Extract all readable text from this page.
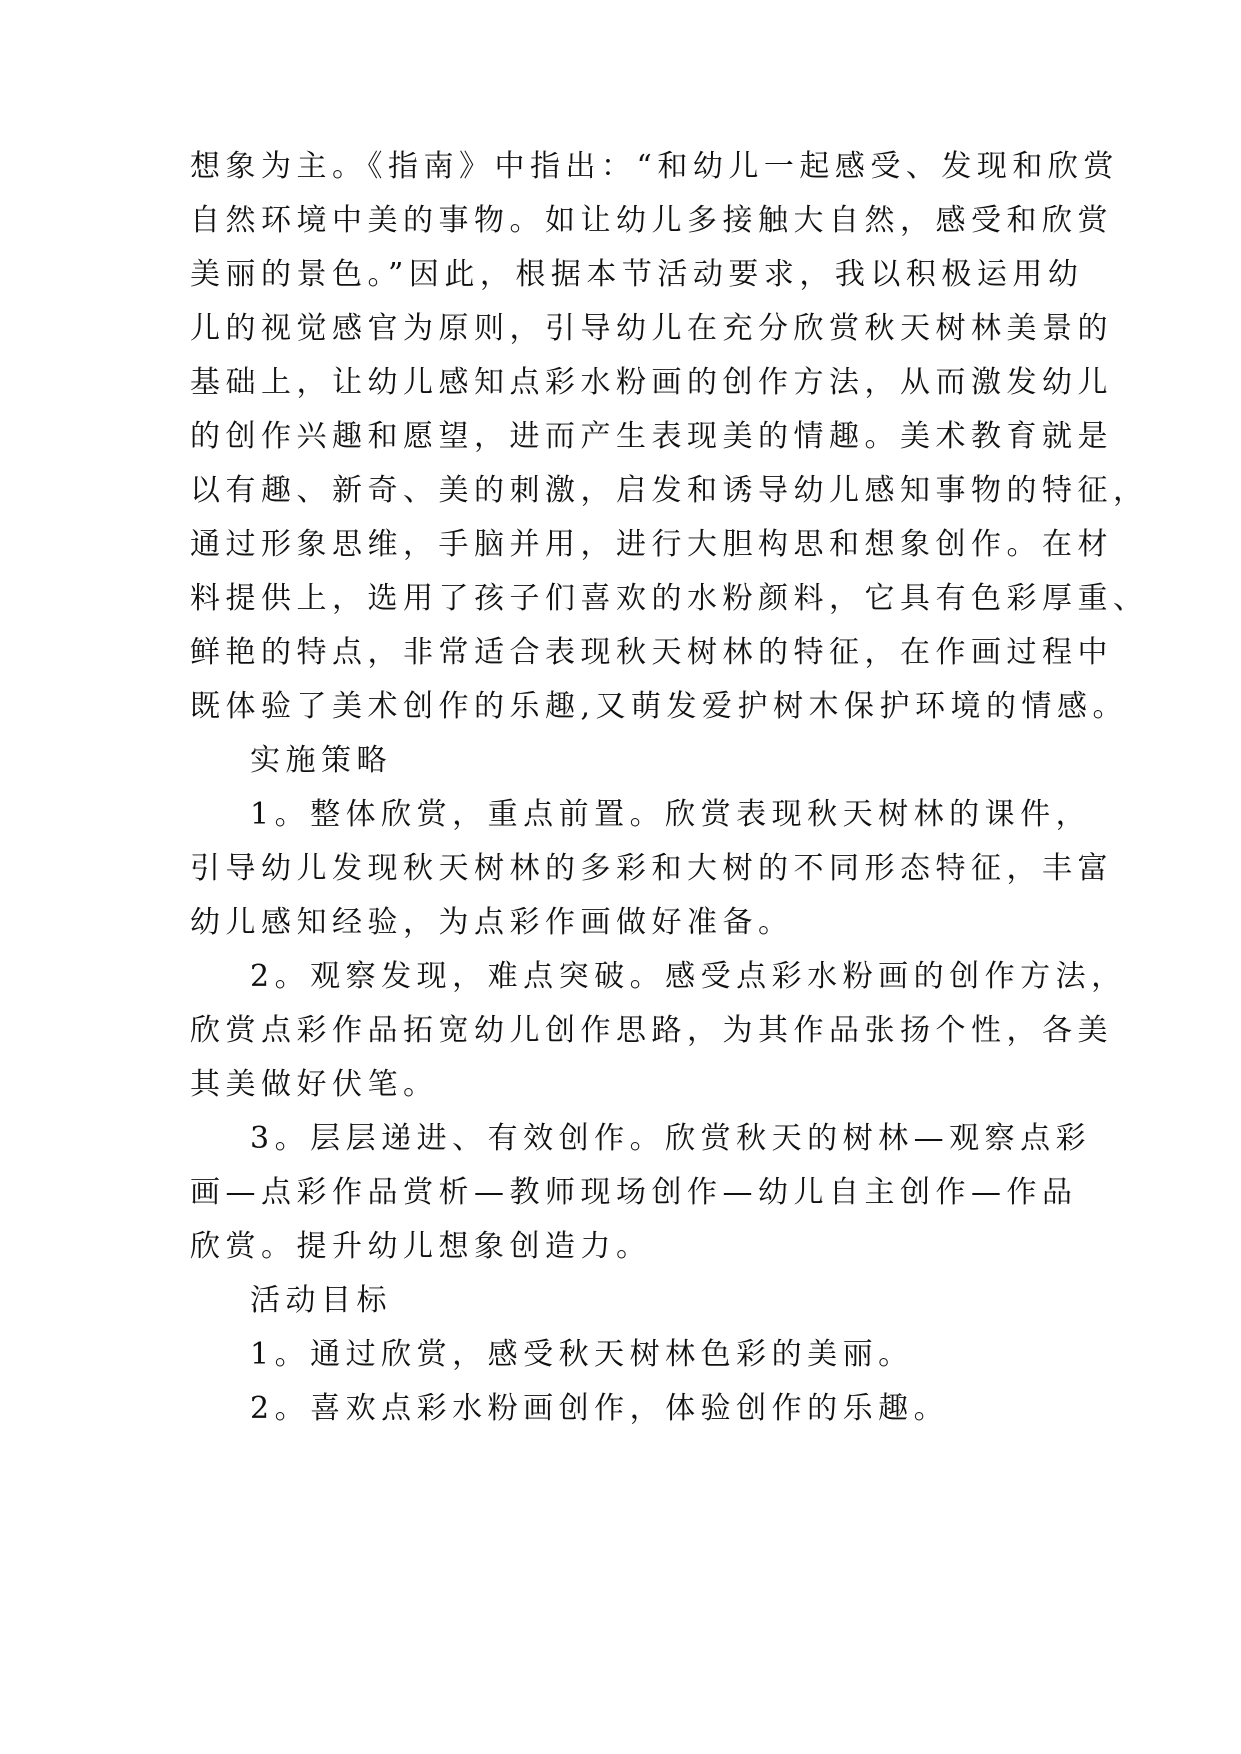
想象为主。《指南》中指出：“和幼儿一起感受、发现和欣赏
自然环境中美的事物。如让幼儿多接触大自然，感受和欣赏
美丽的景色。”因此，根据本节活动要求，我以积极运用幼
儿的视觉感官为原则，引导幼儿在充分欣赏秋天树林美景的
基础上，让幼儿感知点彩水粉画的创作方法，从而激发幼儿
的创作兴趣和愿望，进而产生表现美的情趣。美术教育就是
以有趣、新奇、美的刺激，启发和诱导幼儿感知事物的特征，
通过形象思维，手脑并用，进行大胆构思和想象创作。在材
料提供上，选用了孩子们喜欢的水粉颜料，它具有色彩厚重、
鲜艳的特点，非常适合表现秋天树林的特征，在作画过程中
既体验了美术创作的乐趣,又萌发爱护树木保护环境的情感。
实施策略
1。整体欣赏，重点前置。欣赏表现秋天树林的课件，
引导幼儿发现秋天树林的多彩和大树的不同形态特征，丰富
幼儿感知经验，为点彩作画做好准备。
2。观察发现，难点突破。感受点彩水粉画的创作方法，
欣赏点彩作品拓宽幼儿创作思路，为其作品张扬个性，各美
其美做好伏笔。
3。层层递进、有效创作。欣赏秋天的树林—观察点彩
画—点彩作品赏析—教师现场创作—幼儿自主创作—作品
欣赏。提升幼儿想象创造力。
活动目标
1。通过欣赏，感受秋天树林色彩的美丽。
2。喜欢点彩水粉画创作，体验创作的乐趣。
